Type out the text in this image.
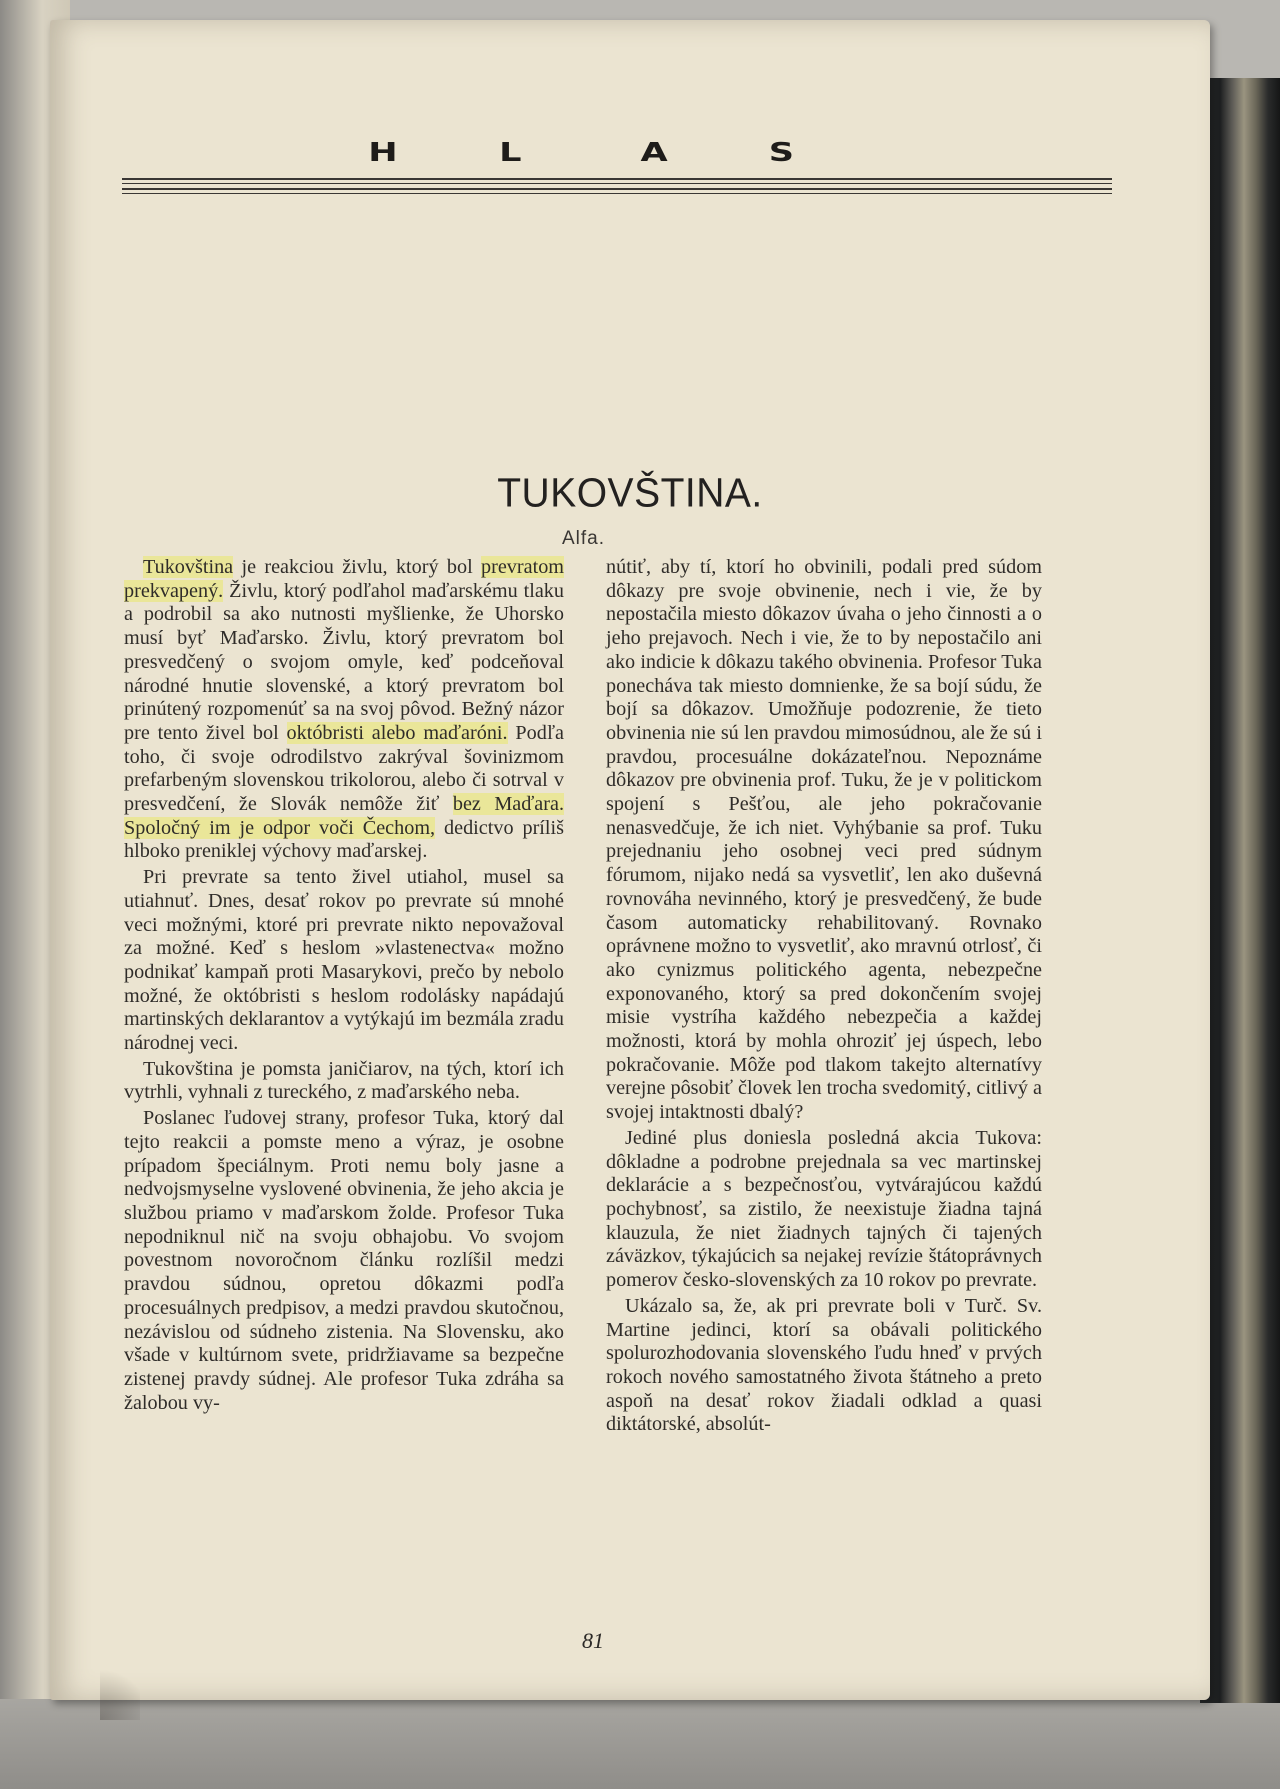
H	L	A	S
TUKOVŠTINA.
Alfa.

Tukovština je reakciou živlu, ktorý bol prevratom prekvapený. Živlu, ktorý podľahol maďarskému tlaku a podrobil sa ako nutnosti myšlienke, že Uhorsko musí byť Maďarsko. Živlu, ktorý prevratom bol presvedčený o svojom omyle, keď podceňoval národné hnutie slovenské, a ktorý prevratom bol prinútený rozpomenúť sa na svoj pôvod. Bežný názor pre tento živel bol októbristi alebo maďaróni. Podľa toho, či svoje odrodilstvo zakrýval šovinizmom prefarbeným slovenskou trikolorou, alebo či sotrval v presvedčení, že Slovák nemôže žiť bez Maďara. Spoločný im je odpor voči Čechom, dedictvo príliš hlboko preniklej výchovy maďarskej.

Pri prevrate sa tento živel utiahol, musel sa utiahnuť. Dnes, desať rokov po prevrate sú mnohé veci možnými, ktoré pri prevrate nikto nepovažoval za možné. Keď s heslom »vlastenectva« možno podnikať kampaň proti Masarykovi, prečo by nebolo možné, že októbristi s heslom rodolásky napádajú martinských deklarantov a vytýkajú im bezmála zradu národnej veci.

Tukovština je pomsta janičiarov, na tých, ktorí ich vytrhli, vyhnali z tureckého, z maďarského neba.

Poslanec ľudovej strany, profesor Tuka, ktorý dal tejto reakcii a pomste meno a výraz, je osobne prípadom špeciálnym. Proti nemu boly jasne a nedvojsmyselne vyslovené obvinenia, že jeho akcia je službou priamo v maďarskom žolde. Profesor Tuka nepodniknul nič na svoju obhajobu. Vo svojom povestnom novoročnom článku rozlíšil medzi pravdou súdnou, opretou dôkazmi podľa procesuálnych predpisov, a medzi pravdou skutočnou, nezávislou od súdneho zistenia. Na Slovensku, ako všade v kultúrnom svete, pridržiavame sa bezpečne zistenej pravdy súdnej. Ale profesor Tuka zdráha sa žalobou vy-

nútiť, aby tí, ktorí ho obvinili, podali pred súdom dôkazy pre svoje obvinenie, nech i vie, že by nepostačila miesto dôkazov úvaha o jeho činnosti a o jeho prejavoch. Nech i vie, že to by nepostačilo ani ako indicie k dôkazu takého obvinenia. Profesor Tuka ponecháva tak miesto domnienke, že sa bojí súdu, že bojí sa dôkazov. Umožňuje podozrenie, že tieto obvinenia nie sú len pravdou mimosúdnou, ale že sú i pravdou, procesuálne dokázateľnou. Nepoznáme dôkazov pre obvinenia prof. Tuku, že je v politickom spojení s Pešťou, ale jeho pokračovanie nenasvedčuje, že ich niet. Vyhýbanie sa prof. Tuku prejednaniu jeho osobnej veci pred súdnym fórumom, nijako nedá sa vysvetliť, len ako duševná rovnováha nevinného, ktorý je presvedčený, že bude časom automaticky rehabilitovaný. Rovnako oprávnene možno to vysvetliť, ako mravnú otrlosť, či ako cynizmus politického agenta, nebezpečne exponovaného, ktorý sa pred dokončením svojej misie vystríha každého nebezpečia a každej možnosti, ktorá by mohla ohroziť jej úspech, lebo pokračovanie. Môže pod tlakom takejto alternatívy verejne pôsobiť človek len trocha svedomitý, citlivý a svojej intaktnosti dbalý?

Jediné plus doniesla posledná akcia Tukova: dôkladne a podrobne prejednala sa vec martinskej deklarácie a s bezpečnosťou, vytvárajúcou každú pochybnosť, sa zistilo, že neexistuje žiadna tajná klauzula, že niet žiadnych tajných či tajených záväzkov, týkajúcich sa nejakej revízie štátoprávnych pomerov česko-slovenských za 10 rokov po prevrate.

Ukázalo sa, že, ak pri prevrate boli v Turč. Sv. Martine jedinci, ktorí sa obávali politického spolurozhodovania slovenského ľudu hneď v prvých rokoch nového samostatného života štátneho a preto aspoň na desať rokov žiadali odklad a quasi diktátorské, absolút-

81
